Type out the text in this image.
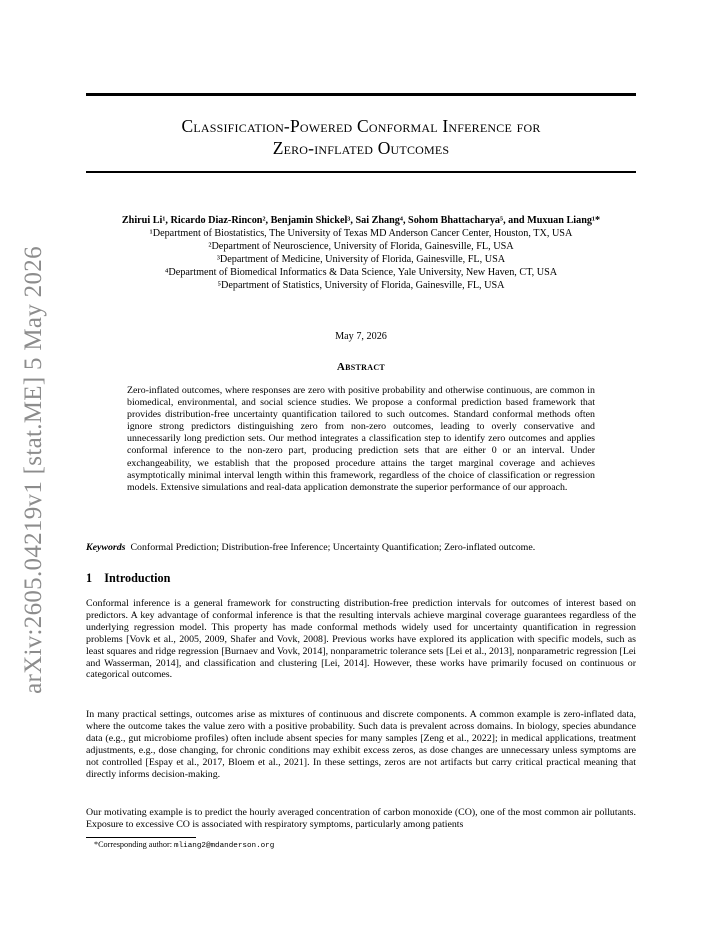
arXiv:2605.04219v1 [stat.ME] 5 May 2026
Classification-Powered Conformal Inference for
Zero-inflated Outcomes
Zhirui Li¹, Ricardo Diaz-Rincon², Benjamin Shickel³, Sai Zhang⁴, Sohom Bhattacharya⁵, and Muxuan Liang¹*
¹Department of Biostatistics, The University of Texas MD Anderson Cancer Center, Houston, TX, USA
²Department of Neuroscience, University of Florida, Gainesville, FL, USA
³Department of Medicine, University of Florida, Gainesville, FL, USA
⁴Department of Biomedical Informatics & Data Science, Yale University, New Haven, CT, USA
⁵Department of Statistics, University of Florida, Gainesville, FL, USA
May 7, 2026
Abstract
Zero-inflated outcomes, where responses are zero with positive probability and otherwise continuous, are common in biomedical, environmental, and social science studies. We propose a conformal prediction based framework that provides distribution-free uncertainty quantification tailored to such outcomes. Standard conformal methods often ignore strong predictors distinguishing zero from non-zero outcomes, leading to overly conservative and unnecessarily long prediction sets. Our method integrates a classification step to identify zero outcomes and applies conformal inference to the non-zero part, producing prediction sets that are either 0 or an interval. Under exchangeability, we establish that the proposed procedure attains the target marginal coverage and achieves asymptotically minimal interval length within this framework, regardless of the choice of classification or regression models. Extensive simulations and real-data application demonstrate the superior performance of our approach.
Keywords Conformal Prediction; Distribution-free Inference; Uncertainty Quantification; Zero-inflated outcome.
1 Introduction
Conformal inference is a general framework for constructing distribution-free prediction intervals for outcomes of interest based on predictors. A key advantage of conformal inference is that the resulting intervals achieve marginal coverage guarantees regardless of the underlying regression model. This property has made conformal methods widely used for uncertainty quantification in regression problems [Vovk et al., 2005, 2009, Shafer and Vovk, 2008]. Previous works have explored its application with specific models, such as least squares and ridge regression [Burnaev and Vovk, 2014], nonparametric tolerance sets [Lei et al., 2013], nonparametric regression [Lei and Wasserman, 2014], and classification and clustering [Lei, 2014]. However, these works have primarily focused on continuous or categorical outcomes.
In many practical settings, outcomes arise as mixtures of continuous and discrete components. A common example is zero-inflated data, where the outcome takes the value zero with a positive probability. Such data is prevalent across domains. In biology, species abundance data (e.g., gut microbiome profiles) often include absent species for many samples [Zeng et al., 2022]; in medical applications, treatment adjustments, e.g., dose changing, for chronic conditions may exhibit excess zeros, as dose changes are unnecessary unless symptoms are not controlled [Espay et al., 2017, Bloem et al., 2021]. In these settings, zeros are not artifacts but carry critical practical meaning that directly informs decision-making.
Our motivating example is to predict the hourly averaged concentration of carbon monoxide (CO), one of the most common air pollutants. Exposure to excessive CO is associated with respiratory symptoms, particularly among patients
*Corresponding author: mliang2@mdanderson.org
